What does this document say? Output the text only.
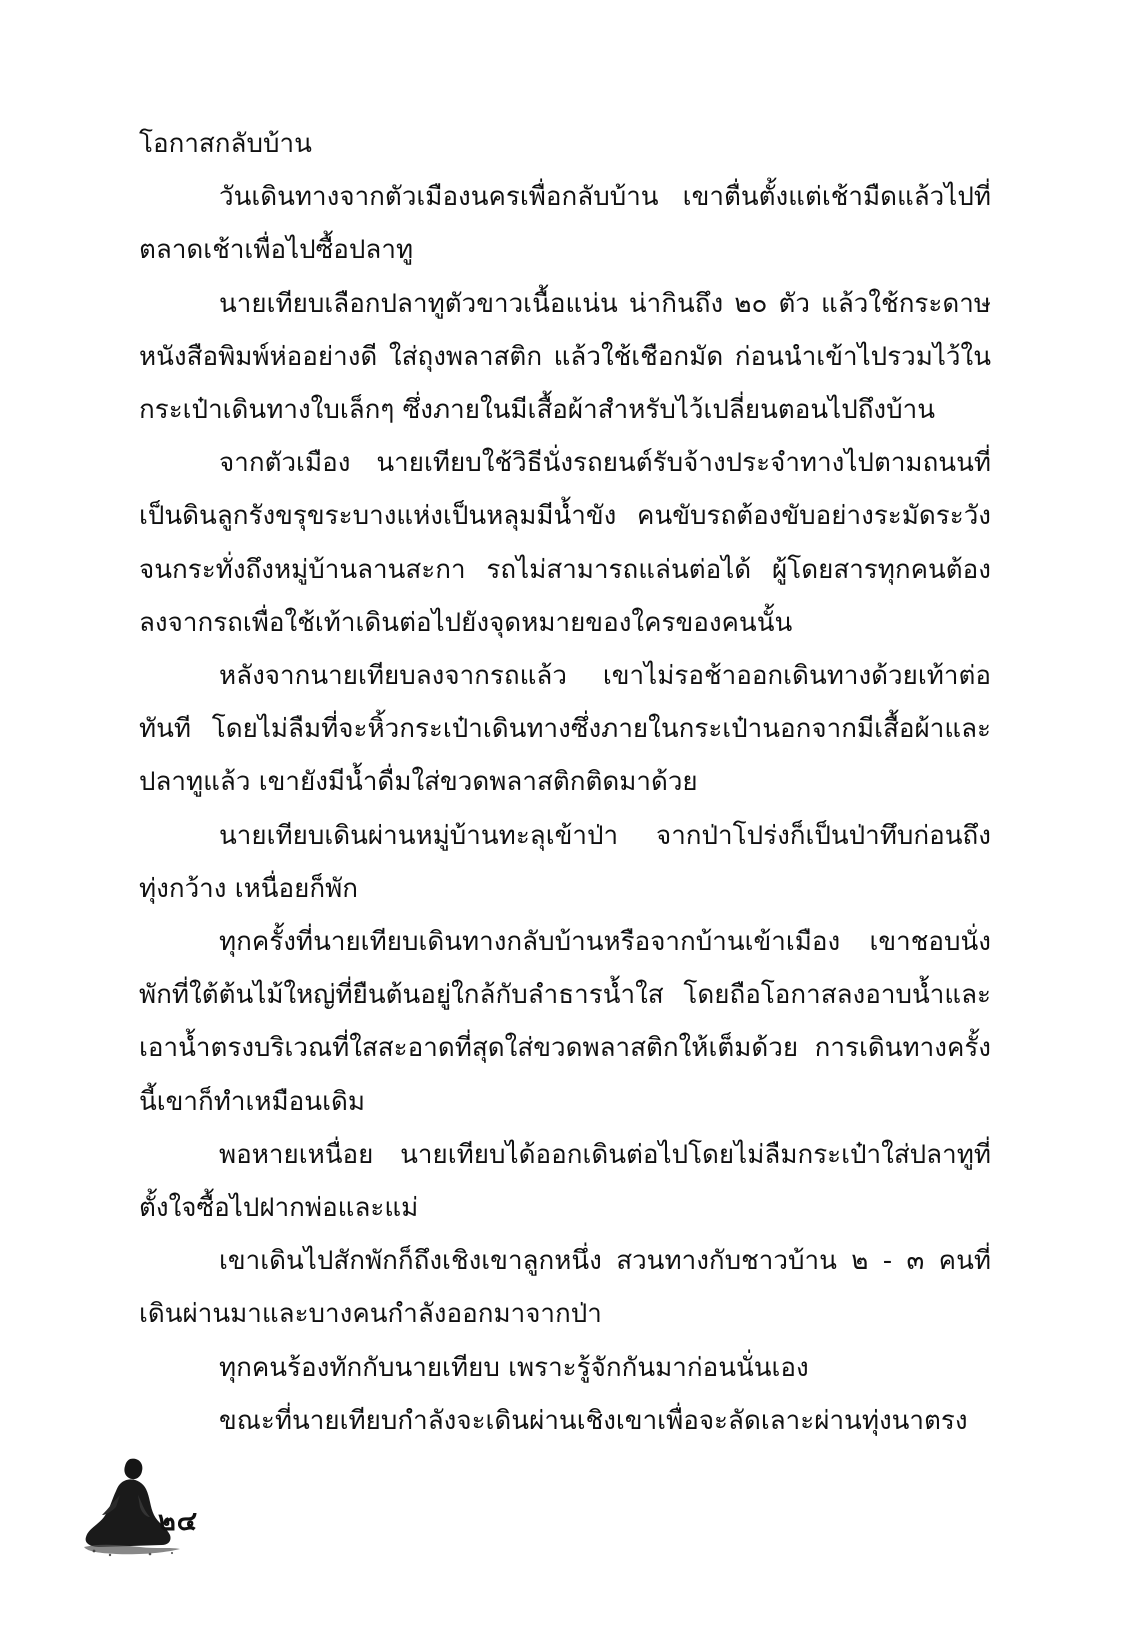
โอกาสกลับบ้าน

วันเดินทางจากตัวเมืองนครเพื่อกลับบ้าน เขาตื่นตั้งแต่เช้ามืดแล้วไปที่ตลาดเช้าเพื่อไปซื้อปลาทู

นายเทียบเลือกปลาทูตัวขาวเนื้อแน่น น่ากินถึง ๒๐ ตัว แล้วใช้กระดาษหนังสือพิมพ์ห่ออย่างดี ใส่ถุงพลาสติก แล้วใช้เชือกมัด ก่อนนำเข้าไปรวมไว้ในกระเป๋าเดินทางใบเล็กๆ ซึ่งภายในมีเสื้อผ้าสำหรับไว้เปลี่ยนตอนไปถึงบ้าน

จากตัวเมือง นายเทียบใช้วิธีนั่งรถยนต์รับจ้างประจำทางไปตามถนนที่เป็นดินลูกรังขรุขระบางแห่งเป็นหลุมมีน้ำขัง คนขับรถต้องขับอย่างระมัดระวังจนกระทั่งถึงหมู่บ้านลานสะกา รถไม่สามารถแล่นต่อได้ ผู้โดยสารทุกคนต้องลงจากรถเพื่อใช้เท้าเดินต่อไปยังจุดหมายของใครของคนนั้น

หลังจากนายเทียบลงจากรถแล้ว เขาไม่รอช้าออกเดินทางด้วยเท้าต่อทันที โดยไม่ลืมที่จะหิ้วกระเป๋าเดินทางซึ่งภายในกระเป๋านอกจากมีเสื้อผ้าและปลาทูแล้ว เขายังมีน้ำดื่มใส่ขวดพลาสติกติดมาด้วย

นายเทียบเดินผ่านหมู่บ้านทะลุเข้าป่า จากป่าโปร่งก็เป็นป่าทึบก่อนถึงทุ่งกว้าง เหนื่อยก็พัก

ทุกครั้งที่นายเทียบเดินทางกลับบ้านหรือจากบ้านเข้าเมือง เขาชอบนั่งพักที่ใต้ต้นไม้ใหญ่ที่ยืนต้นอยู่ใกล้กับลำธารน้ำใส โดยถือโอกาสลงอาบน้ำและเอาน้ำตรงบริเวณที่ใสสะอาดที่สุดใส่ขวดพลาสติกให้เต็มด้วย การเดินทางครั้งนี้เขาก็ทำเหมือนเดิม

พอหายเหนื่อย นายเทียบได้ออกเดินต่อไปโดยไม่ลืมกระเป๋าใส่ปลาทูที่ตั้งใจซื้อไปฝากพ่อและแม่

เขาเดินไปสักพักก็ถึงเชิงเขาลูกหนึ่ง สวนทางกับชาวบ้าน ๒ - ๓ คนที่เดินผ่านมาและบางคนกำลังออกมาจากป่า

ทุกคนร้องทักกับนายเทียบ เพราะรู้จักกันมาก่อนนั่นเอง

ขณะที่นายเทียบกำลังจะเดินผ่านเชิงเขาเพื่อจะลัดเลาะผ่านทุ่งนาตรง

๒๔
